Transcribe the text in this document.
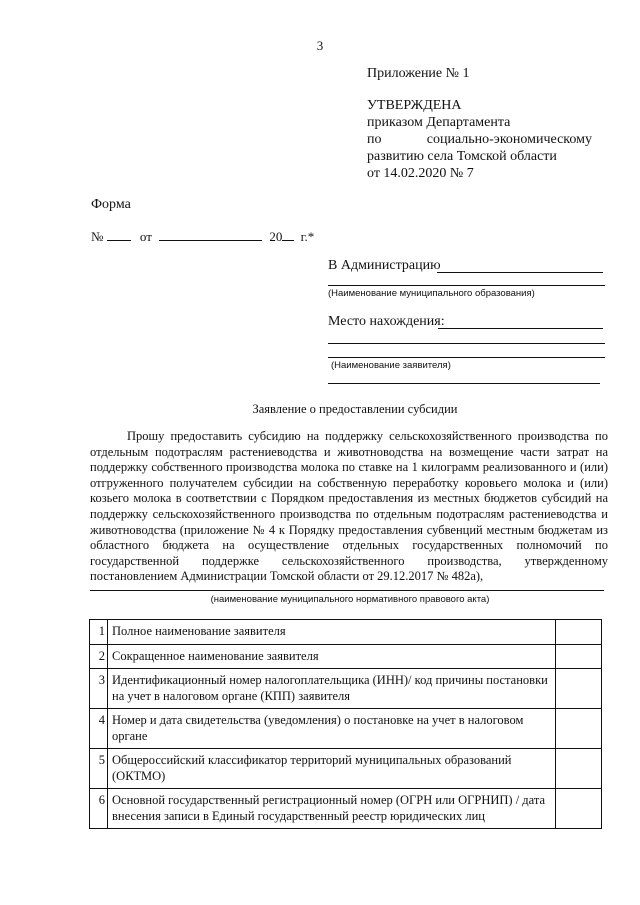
3
Приложение № 1
УТВЕРЖДЕНА
приказом Департамента
по	социально-экономическому
развитию села Томской области
от 14.02.2020 № 7
Форма
№	от	20 г.*
В Администрацию
(Наименование муниципального образования)
Место нахождения:
(Наименование заявителя)
Заявление о предоставлении субсидии

Прошу предоставить субсидию на поддержку сельскохозяйственного производства по отдельным подотраслям растениеводства и животноводства на возмещение части затрат на поддержку собственного производства молока по ставке на 1 килограмм реализованного и (или) отгруженного получателем субсидии на собственную переработку коровьего молока и (или) козьего молока в соответствии с Порядком предоставления из местных бюджетов субсидий на поддержку сельскохозяйственного производства по отдельным подотраслям растениеводства и животноводства (приложение № 4 к Порядку предоставления субвенций местным бюджетам из областного бюджета на осуществление отдельных государственных полномочий по государственной поддержке сельскохозяйственного производства, утвержденному постановлением Администрации Томской области от 29.12.2017 № 482а),

(наименование муниципального нормативного правового акта)
1	Полное наименование заявителя	
2	Сокращенное наименование заявителя	
3	Идентификационный номер налогоплательщика (ИНН)/ код причины постановки на учет в налоговом органе (КПП) заявителя	
4	Номер и дата свидетельства (уведомления) о постановке на учет в налоговом органе	
5	Общероссийский классификатор территорий муниципальных образований (ОКТМО)	
6	Основной государственный регистрационный номер (ОГРН или ОГРНИП) / дата внесения записи в Единый государственный реестр юридических лиц	
